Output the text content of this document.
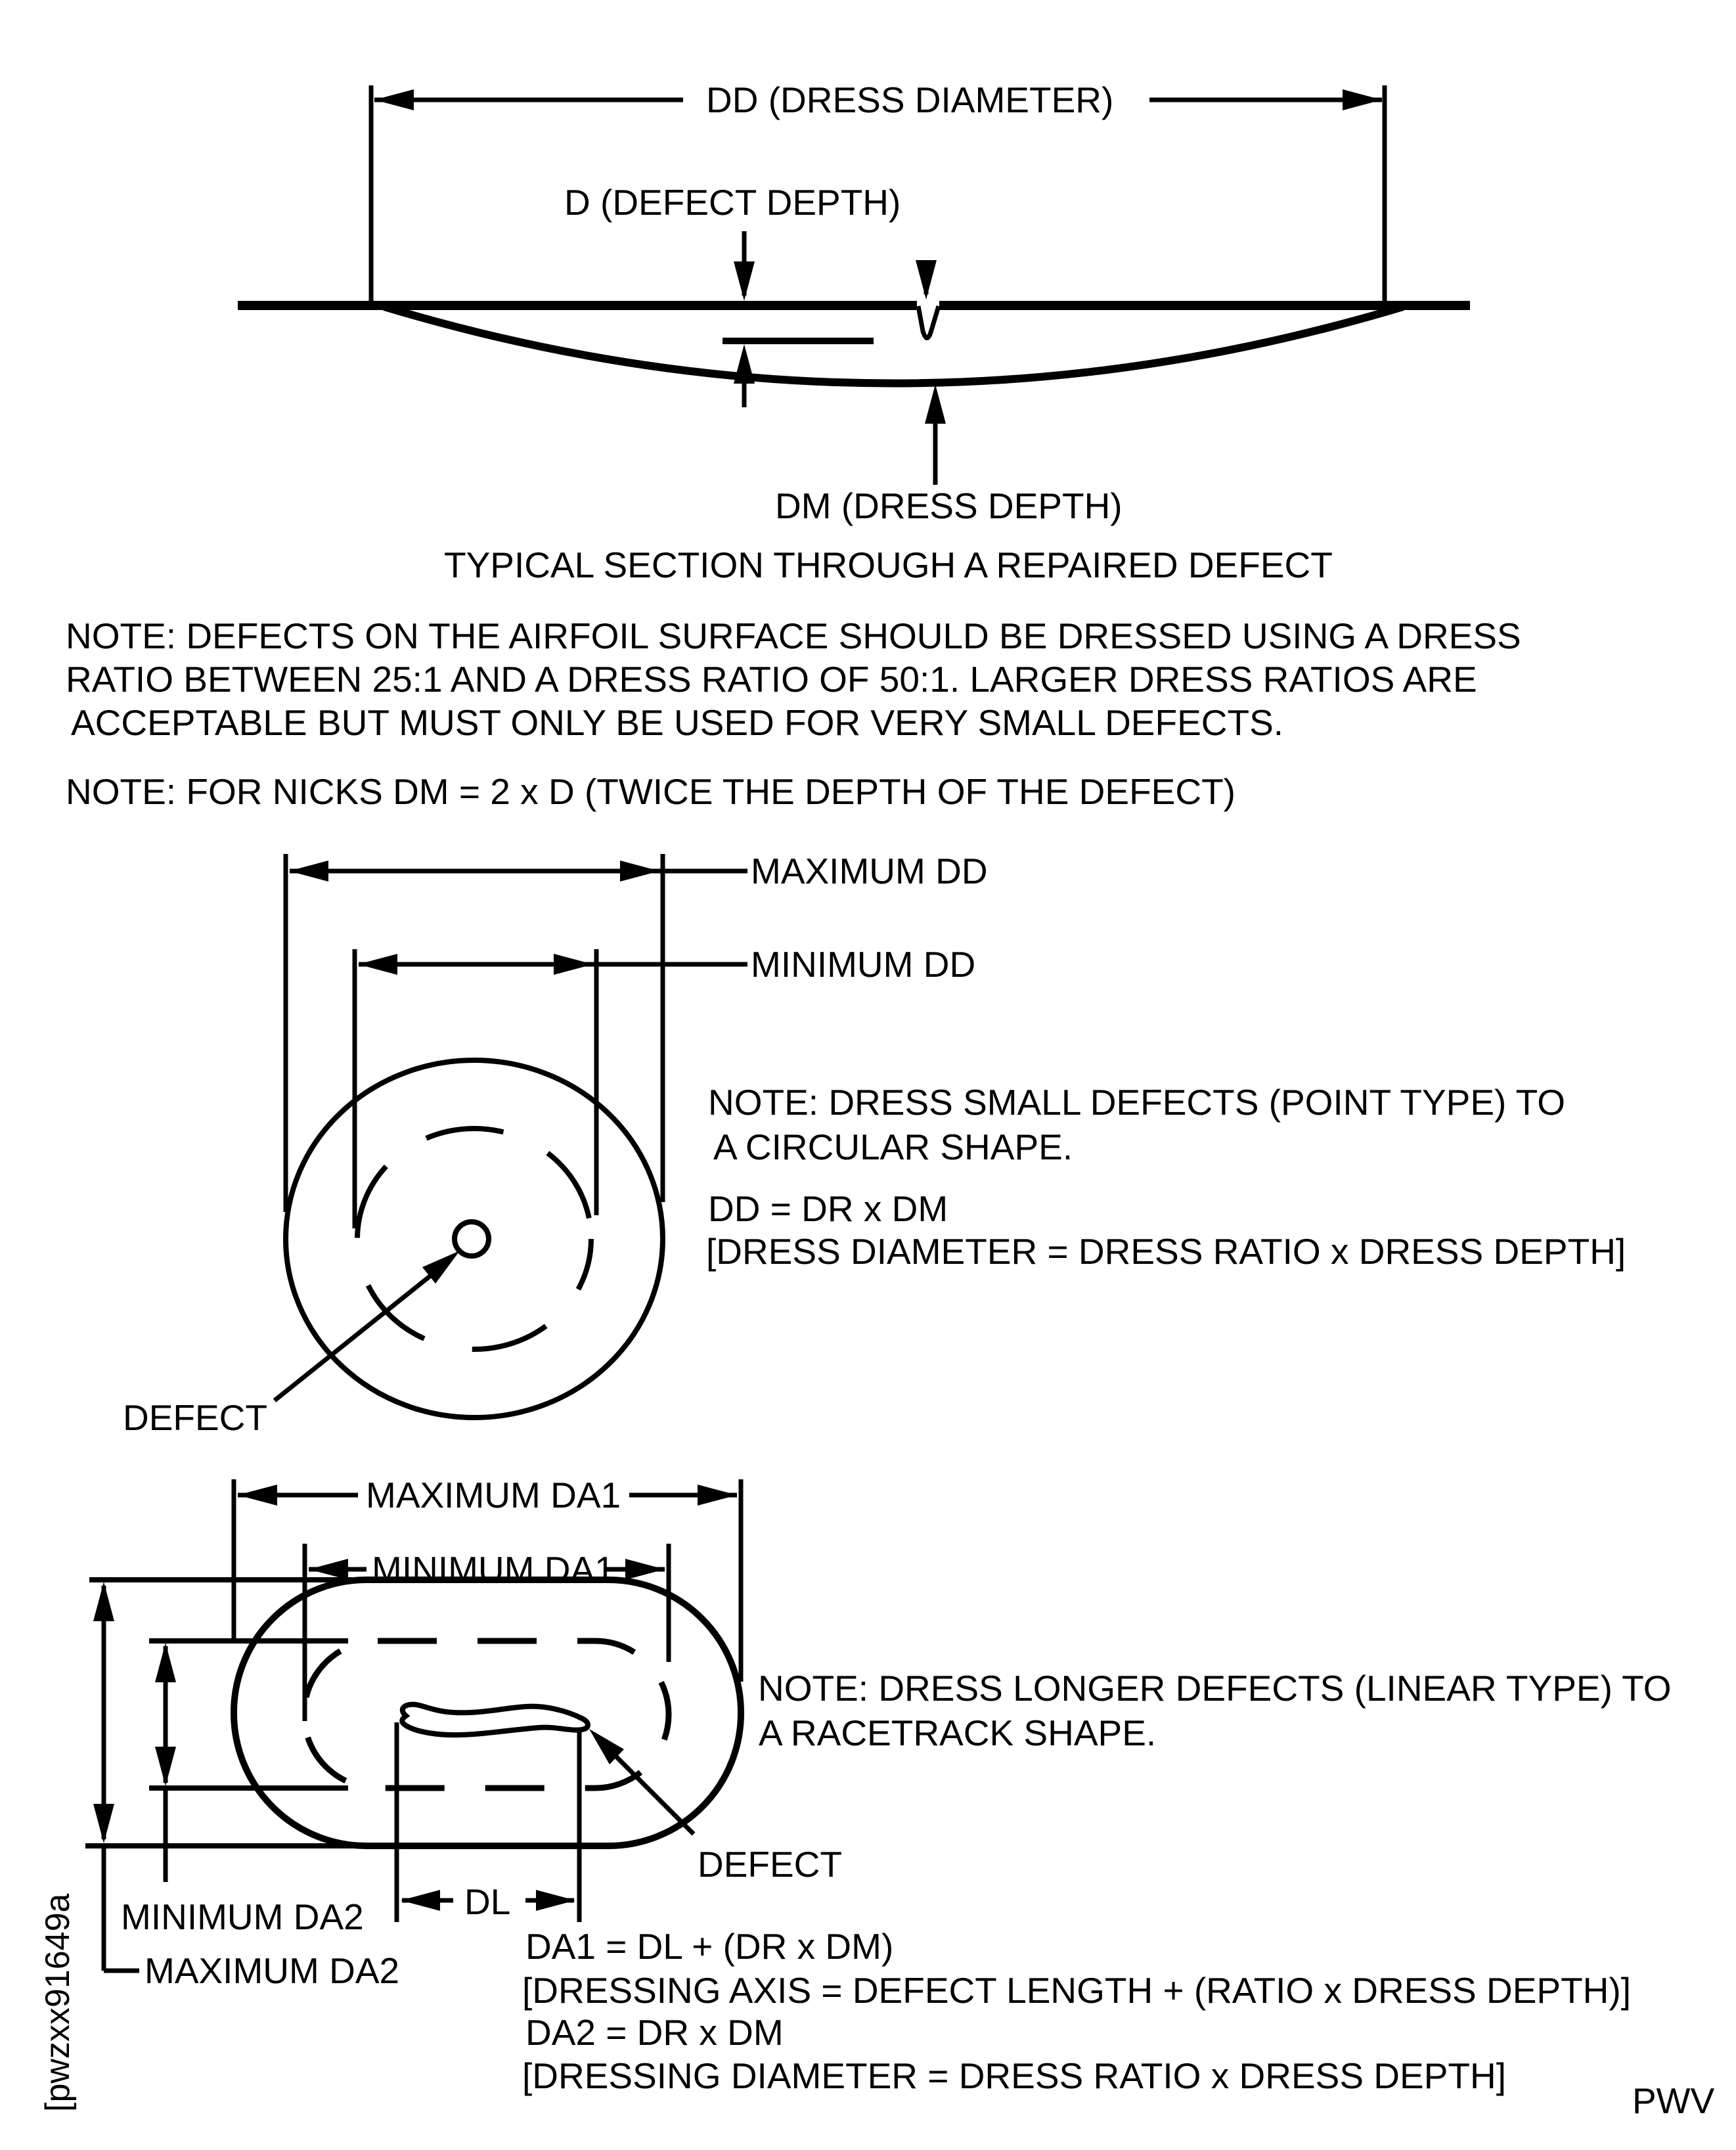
DD (DRESS DIAMETER)
D (DEFECT DEPTH)
DM (DRESS DEPTH)
TYPICAL SECTION THROUGH A REPAIRED DEFECT
NOTE: DEFECTS ON THE AIRFOIL SURFACE SHOULD BE DRESSED USING A DRESS
RATIO BETWEEN 25:1 AND A DRESS RATIO OF 50:1. LARGER DRESS RATIOS ARE
ACCEPTABLE BUT MUST ONLY BE USED FOR VERY SMALL DEFECTS.
NOTE: FOR NICKS DM = 2 x D (TWICE THE DEPTH OF THE DEFECT)
MAXIMUM DD
MINIMUM DD
NOTE: DRESS SMALL DEFECTS (POINT TYPE) TO
A CIRCULAR SHAPE.
DD = DR x DM
[DRESS DIAMETER = DRESS RATIO x DRESS DEPTH]
DEFECT
MAXIMUM DA1
MINIMUM DA1
NOTE: DRESS LONGER DEFECTS (LINEAR TYPE) TO
A RACETRACK SHAPE.
DEFECT
MINIMUM DA2	DL
MAXIMUM DA2
DA1 = DL + (DR x DM)
[DRESSING AXIS = DEFECT LENGTH + (RATIO x DRESS DEPTH)]
DA2 = DR x DM
[DRESSING DIAMETER = DRESS RATIO x DRESS DEPTH]
PWV
[pwzxx91649a
